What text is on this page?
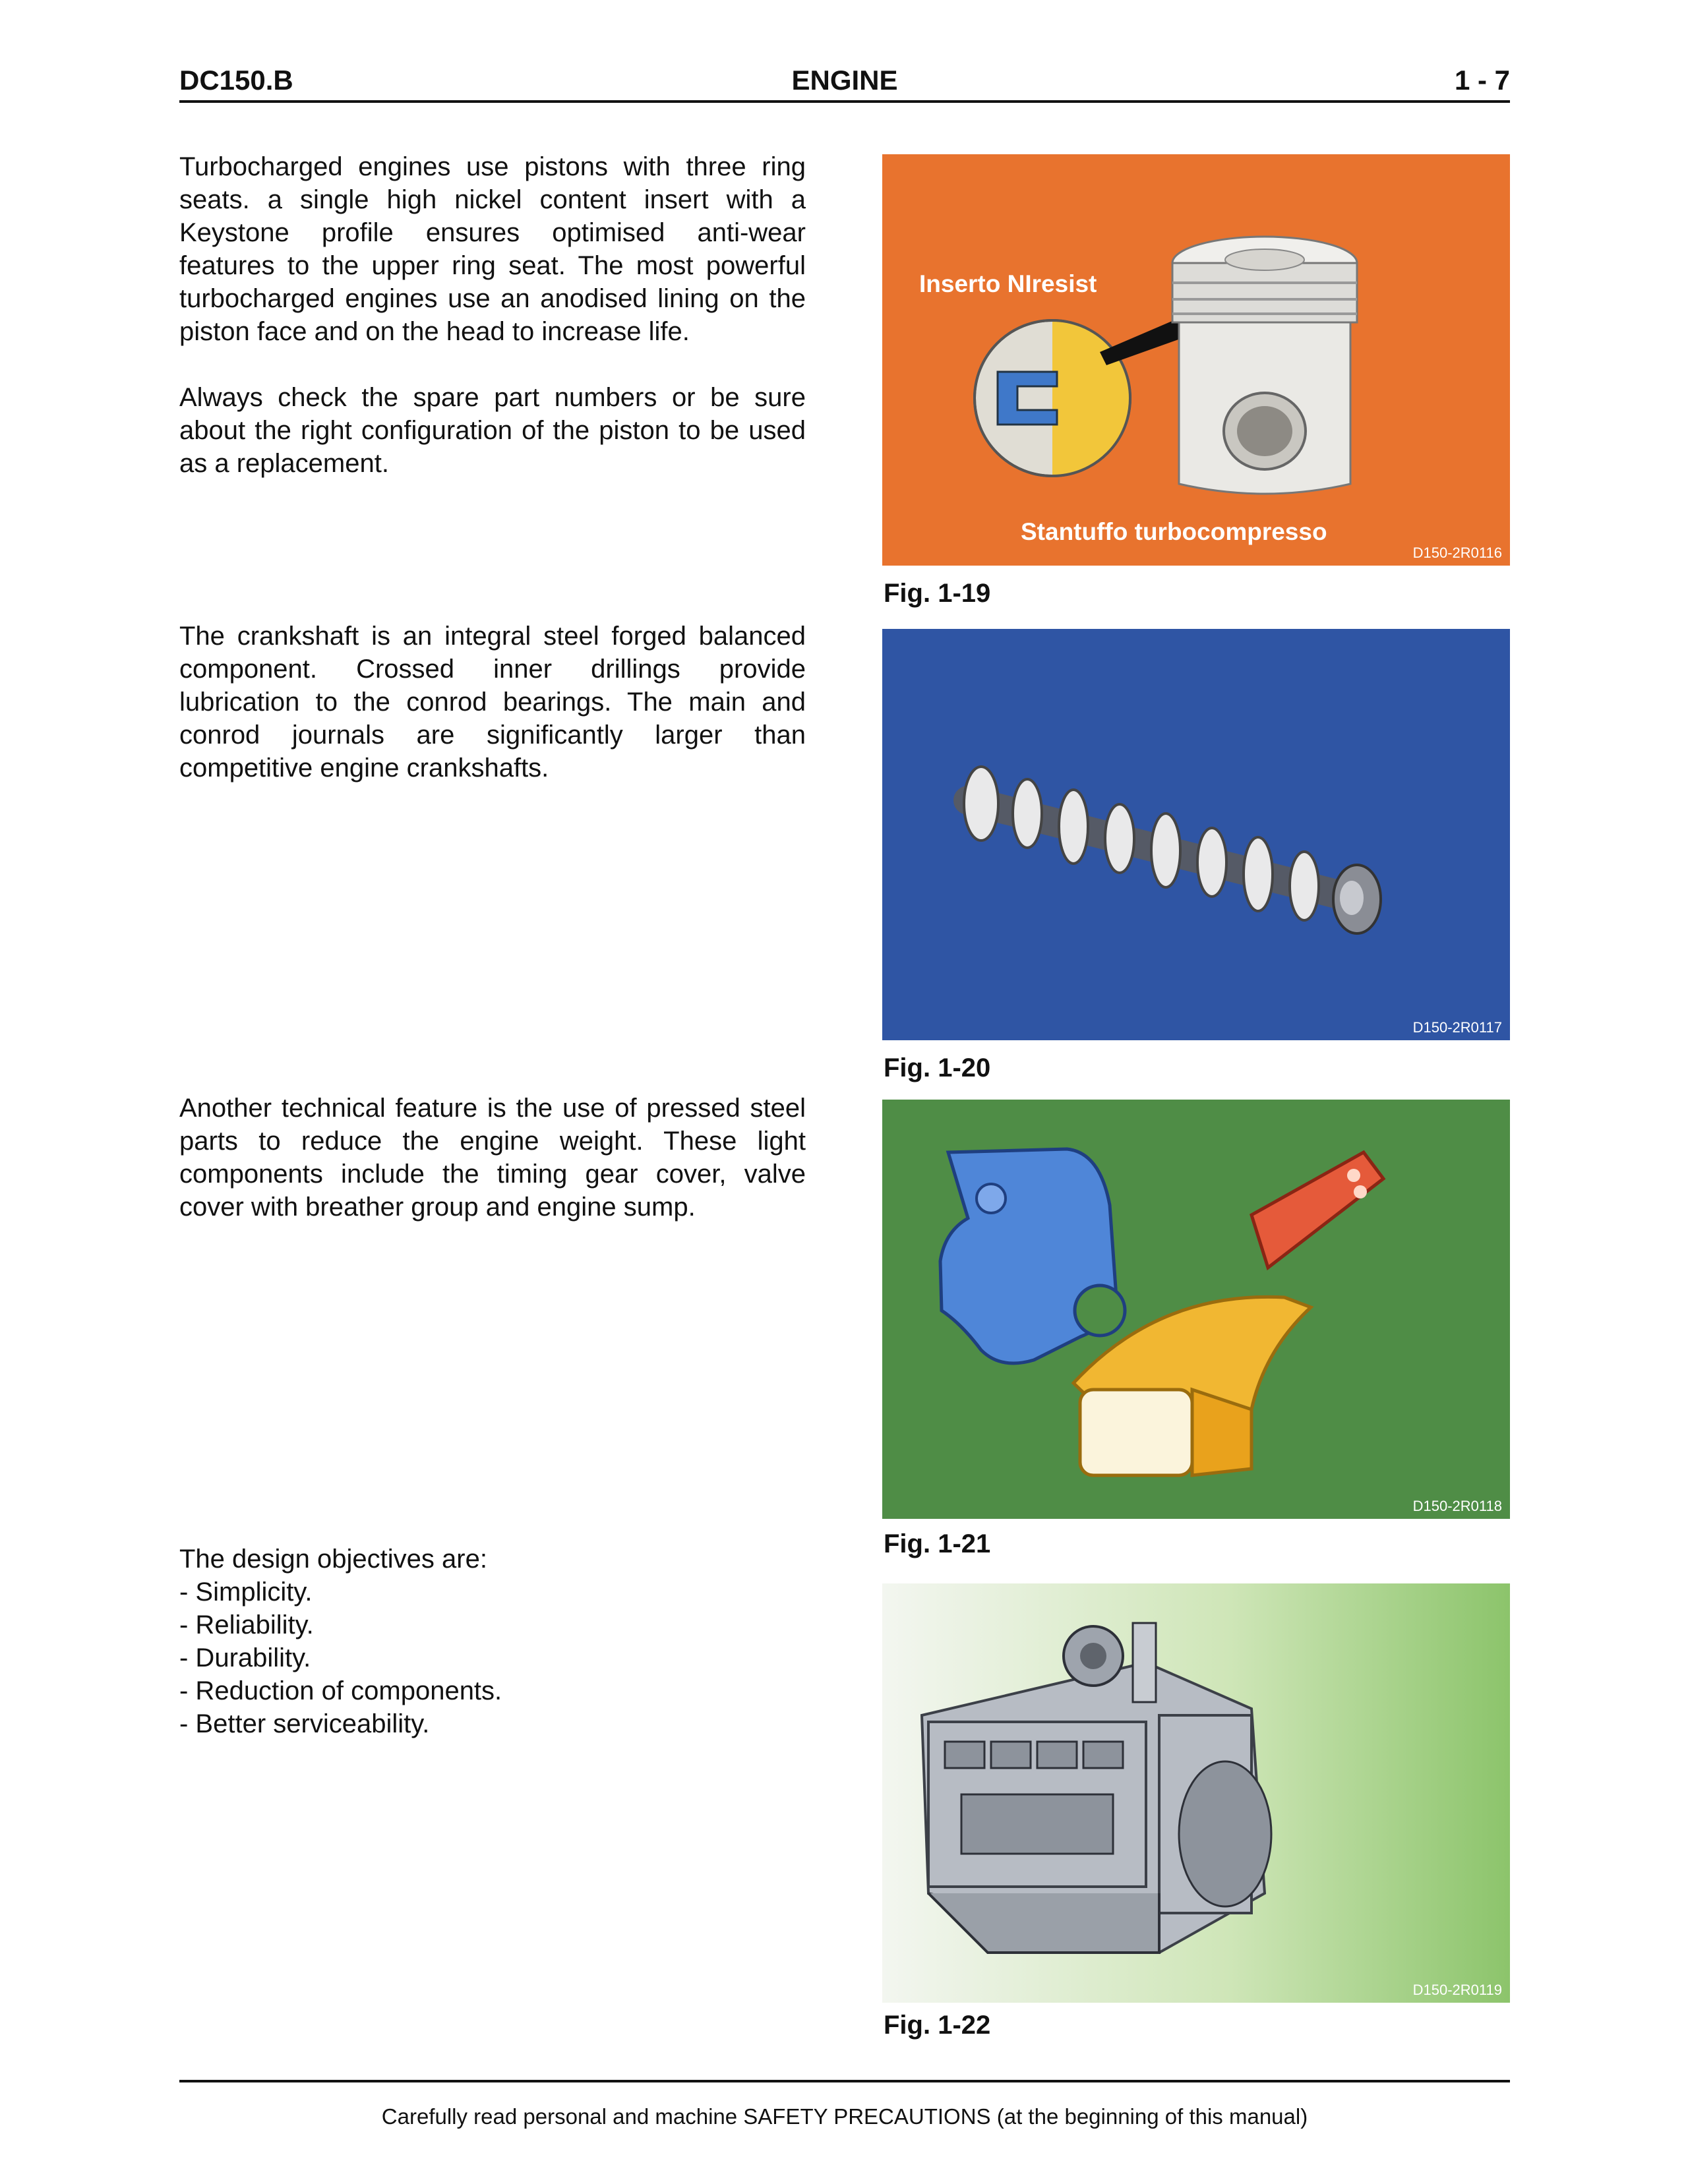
DC150.B	ENGINE	1 - 7

Turbocharged engines use pistons with three ring seats. a single high nickel content insert with a Keystone profile ensures optimised anti-wear features to the upper ring seat. The most powerful turbocharged engines use an anodised lining on the piston face and on the head to increase life.

Always check the spare part numbers or be sure about the right configuration of the piston to be used as a replacement.

The crankshaft is an integral steel forged balanced component. Crossed inner drillings provide lubrication to the conrod bearings. The main and conrod journals are significantly larger than competitive engine crankshafts.

Another technical feature is the use of pressed steel parts to reduce the engine weight. These light components include the timing gear cover, valve cover with breather group and engine sump.

The design objectives are:
- Simplicity.
- Reliability.
- Durability.
- Reduction of components.
- Better serviceability.
Inserto NIresist
Stantuffo turbocompresso
D150-2R0116
Fig. 1-19
D150-2R0117
Fig. 1-20
D150-2R0118
Fig. 1-21
D150-2R0119
Fig. 1-22
Carefully read personal and machine SAFETY PRECAUTIONS (at the beginning of this manual)
